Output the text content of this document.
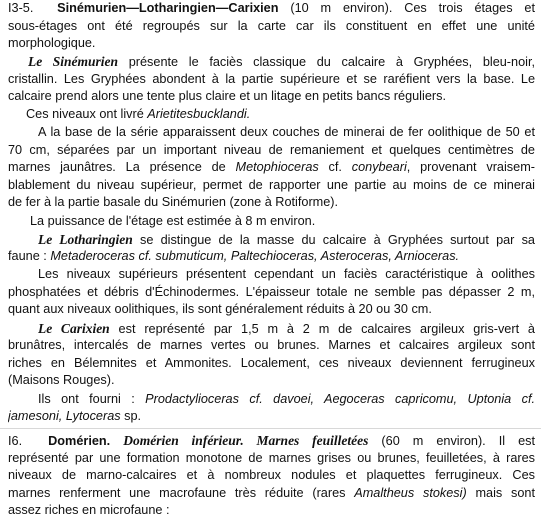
I3-5. Sinémurien—Lotharingien—Carixien (10 m environ). Ces trois étages et
sous-étages ont été regroupés sur la carte car ils constituent en effet une unité
morphologique.
Le Sinémurien présente le faciès classique du calcaire à Gryphées, bleu-noir,
cristallin. Les Gryphées abondent à la partie supérieure et se raréfient vers la base. Le
calcaire prend alors une tente plus claire et un litage en petits bancs réguliers.
Ces niveaux ont livré Arietitesbucklandi.
A la base de la série apparaissent deux couches de minerai de fer oolithique de 50 et
70 cm, séparées par un important niveau de remaniement et quelques centimètres de
marnes jaunâtres. La présence de Metophioceras cf. conybeari, provenant vraisem-
blablement du niveau supérieur, permet de rapporter une partie au moins de ce minerai
de fer à la partie basale du Sinémurien (zone à Rotiforme).
La puissance de l'étage est estimée à 8 m environ.
Le Lotharingien se distingue de la masse du calcaire à Gryphées surtout par sa
faune : Metaderoceras cf. submuticum, Paltechioceras, Asteroceras, Arnioceras.
Les niveaux supérieurs présentent cependant un faciès caractéristique à oolithes
phosphatées et débris d'Échinodermes. L'épaisseur totale ne semble pas dépasser 2 m,
quant aux niveaux oolithiques, ils sont généralement réduits à 20 ou 30 cm.
Le Carixien est représenté par 1,5 m à 2 m de calcaires argileux gris-vert à
brunâtres, intercalés de marnes vertes ou brunes. Marnes et calcaires argileux sont
riches en Bélemnites et Ammonites. Localement, ces niveaux deviennent ferrugineux
(Maisons Rouges).
Ils ont fourni : Prodactylioceras cf. davoei, Aegoceras capricomu, Uptonia cf.
jamesoni, Lytoceras sp.
I6. Domérien. Domérien inférieur. Marnes feuilletées (60 m environ). Il est
représenté par une formation monotone de marnes grises ou brunes, feuilletées, à rares
niveaux de marno-calcaires et à nombreux nodules et plaquettes ferrugineux. Ces
marnes renferment une macrofaune très réduite (rares Amaltheus stokesi) mais sont
assez riches en microfaune :
